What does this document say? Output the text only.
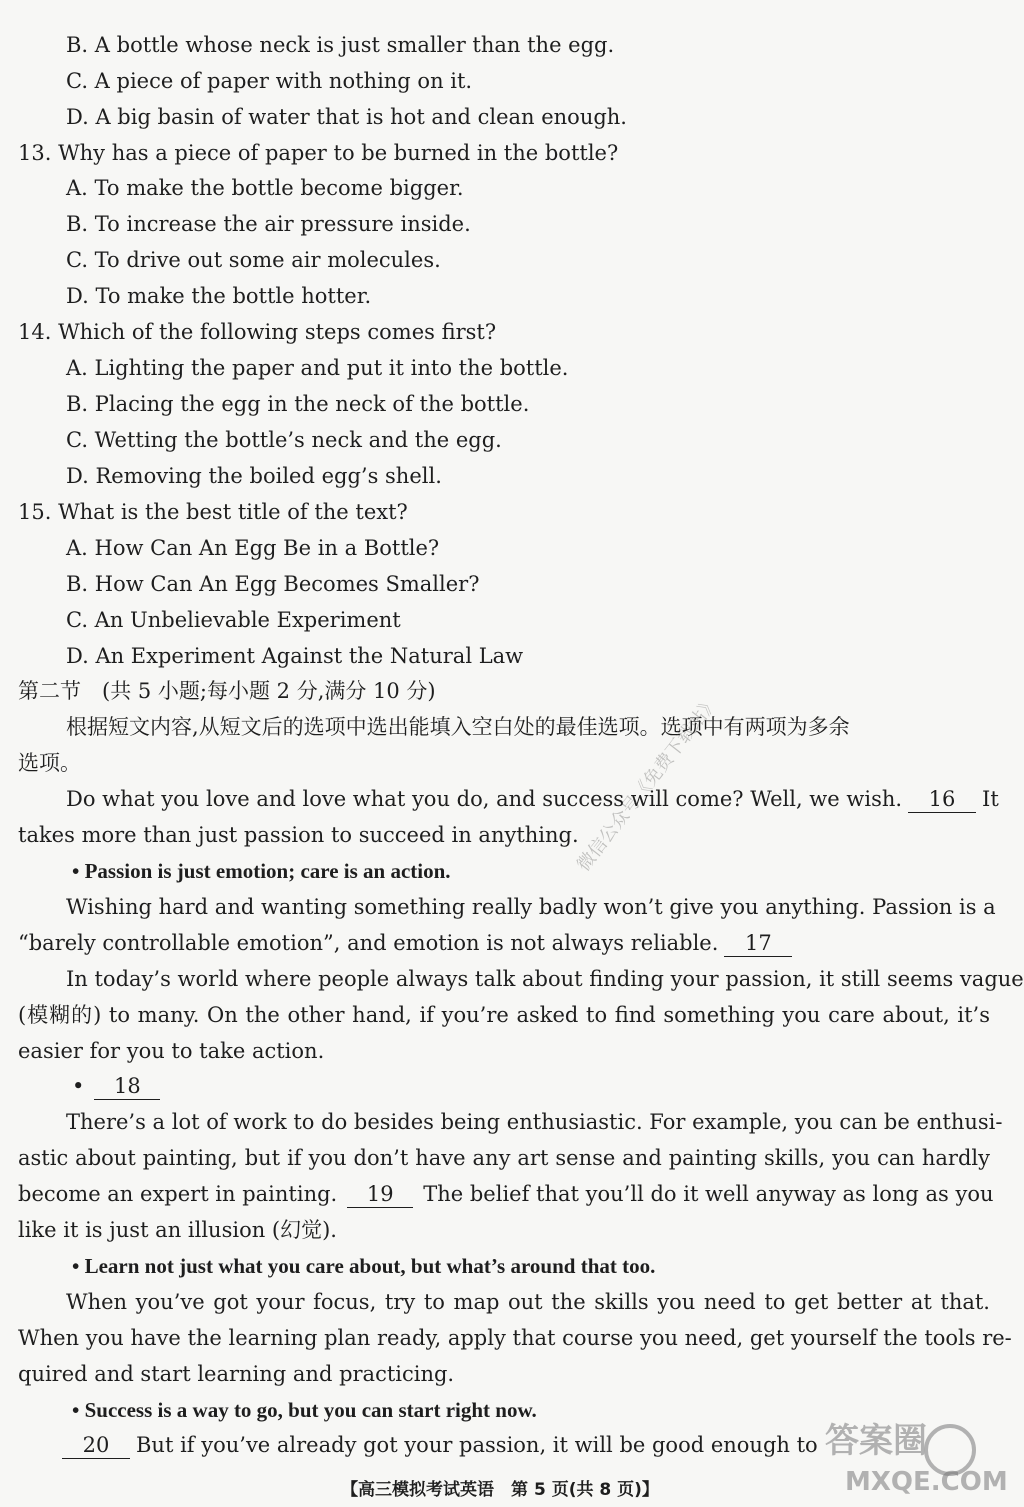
B. A bottle whose neck is just smaller than the egg.
C. A piece of paper with nothing on it.
D. A big basin of water that is hot and clean enough.
13. Why has a piece of paper to be burned in the bottle?
A. To make the bottle become bigger.
B. To increase the air pressure inside.
C. To drive out some air molecules.
D. To make the bottle hotter.
14. Which of the following steps comes first?
A. Lighting the paper and put it into the bottle.
B. Placing the egg in the neck of the bottle.
C. Wetting the bottle’s neck and the egg.
D. Removing the boiled egg’s shell.
15. What is the best title of the text?
A. How Can An Egg Be in a Bottle?
B. How Can An Egg Becomes Smaller?
C. An Unbelievable Experiment
D. An Experiment Against the Natural Law
第二节　(共 5 小题;每小题 2 分,满分 10 分)
根据短文内容,从短文后的选项中选出能填入空白处的最佳选项。选项中有两项为多余
选项。
Do what you love and love what you do, and success will come? Well, we wish. 16 It
takes more than just passion to succeed in anything.
• Passion is just emotion; care is an action.
Wishing hard and wanting something really badly won’t give you anything. Passion is a
“barely controllable emotion”, and emotion is not always reliable. 17
In today’s world where people always talk about finding your passion, it still seems vague
(模糊的) to many. On the other hand, if you’re asked to find something you care about, it’s
easier for you to take action.
• 18
There’s a lot of work to do besides being enthusiastic. For example, you can be enthusi-
astic about painting, but if you don’t have any art sense and painting skills, you can hardly
become an expert in painting. 19 The belief that you’ll do it well anyway as long as you
like it is just an illusion (幻觉).
• Learn not just what you care about, but what’s around that too.
When you’ve got your focus, try to map out the skills you need to get better at that.
When you have the learning plan ready, apply that course you need, get yourself the tools re-
quired and start learning and practicing.
• Success is a way to go, but you can start right now.
20 But if you’ve already got your passion, it will be good enough to
【高三模拟考试英语　第 5 页(共 8 页)】
微信公众号《免费下载站》
答案圈
MXQE.COM
